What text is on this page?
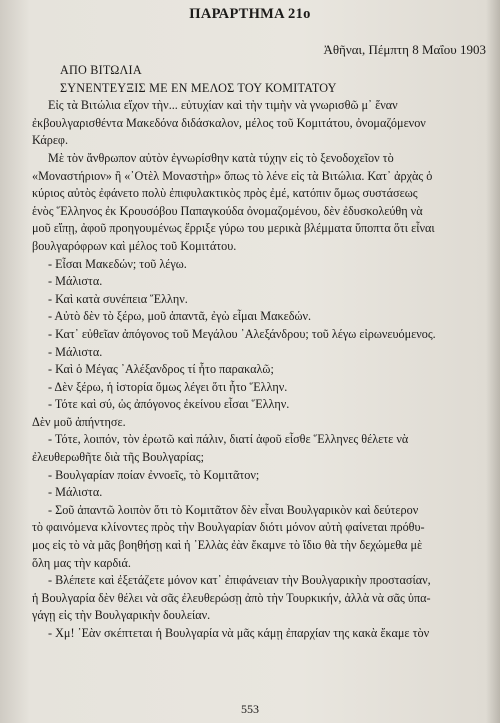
ΠΑΡΑΡΤΗΜΑ 21ο
Ἀθῆναι, Πέμπτη 8 Μαΐου 1903
ΑΠΟ ΒΙΤΩΛΙΑ
ΣΥΝΕΝΤΕΥΞΙΣ ΜΕ ΕΝ ΜΕΛΟΣ ΤΟΥ ΚΟΜΙΤΑΤΟΥ
Εἰς τὰ Βιτώλια εἴχον τὴν... εὐτυχίαν καὶ τὴν τιμὴν νὰ γνωρισθῶ μ᾽ ἕναν
ἐκβουλγαρισθέντα Μακεδόνα διδάσκαλον, μέλος τοῦ Κομιτάτου, ὀνομαζόμενον
Κάρεφ.
Μὲ τὸν ἄνθρωπον αὐτὸν ἐγνωρίσθην κατὰ τύχην εἰς τὸ ξενοδοχεῖον τὸ
«Μοναστήριον» ἢ «᾽Οτὲλ Μοναστὴρ» ὅπως τὸ λένε εἰς τὰ Βιτώλια. Κατ᾽ ἀρχὰς ὁ
κύριος αὐτὸς ἐφάνετο πολὺ ἐπιφυλακτικὸς πρὸς ἐμέ, κατόπιν ὅμως συστάσεως
ἑνὸς Ἕλληνος ἐκ Κρουσόβου Παπαγκούδα ὀνομαζομένου, δὲν ἐδυσκολεύθη νὰ
μοῦ εἴπῃ, ἀφοῦ προηγουμένως ἔρριξε γύρω του μερικὰ βλέμματα ὕποπτα ὅτι εἶναι
βουλγαρόφρων καὶ μέλος τοῦ Κομιτάτου.
- Εἶσαι Μακεδών; τοῦ λέγω.
- Μάλιστα.
- Καὶ κατὰ συνέπεια Ἕλλην.
- Αὐτὸ δὲν τὸ ξέρω, μοῦ ἀπαντᾶ, ἐγὼ εἶμαι Μακεδών.
- Κατ᾽ εὐθεῖαν ἀπόγονος τοῦ Μεγάλου ᾽Αλεξάνδρου; τοῦ λέγω εἰρωνευόμενος.
- Μάλιστα.
- Καὶ ὁ Μέγας ᾽Αλέξανδρος τί ἦτο παρακαλῶ;
- Δὲν ξέρω, ἡ ἱστορία ὅμως λέγει ὅτι ἦτο Ἕλλην.
- Τότε καὶ σύ, ὡς ἀπόγονος ἐκείνου εἶσαι Ἕλλην.
Δὲν μοῦ ἀπήντησε.
- Τότε, λοιπόν, τὸν ἐρωτῶ καὶ πάλιν, διατί ἀφοῦ εἶσθε Ἕλληνες θέλετε νὰ
ἐλευθερωθῆτε διὰ τῆς Βουλγαρίας;
- Βουλγαρίαν ποίαν ἐννοεῖς, τὸ Κομιτᾶτον;
- Μάλιστα.
- Σοῦ ἀπαντῶ λοιπὸν ὅτι τὸ Κομιτᾶτον δὲν εἶναι Βουλγαρικὸν καὶ δεύτερον
τὸ φαινόμενα κλίνοντες πρὸς τὴν Βουλγαρίαν διότι μόνον αὐτὴ φαίνεται πρόθυ-
μος εἰς τὸ νὰ μᾶς βοηθήσῃ καὶ ἡ ᾽Ελλὰς ἐὰν ἔκαμνε τὸ ἴδιο θὰ τὴν δεχώμεθα μὲ
ὅλη μας τὴν καρδιά.
- Βλέπετε καὶ ἐξετάζετε μόνον κατ᾽ ἐπιφάνειαν τὴν Βουλγαρικὴν προστασίαν,
ἡ Βουλγαρία δὲν θέλει νὰ σᾶς ἐλευθερώσῃ ἀπὸ τὴν Τουρκικήν, ἀλλὰ νὰ σᾶς ὑπα-
γάγῃ εἰς τὴν Βουλγαρικὴν δουλείαν.
- Χμ! ᾽Εὰν σκέπτεται ἡ Βουλγαρία νὰ μᾶς κάμῃ ἐπαρχίαν της κακὰ ἔκαμε τὸν
553
